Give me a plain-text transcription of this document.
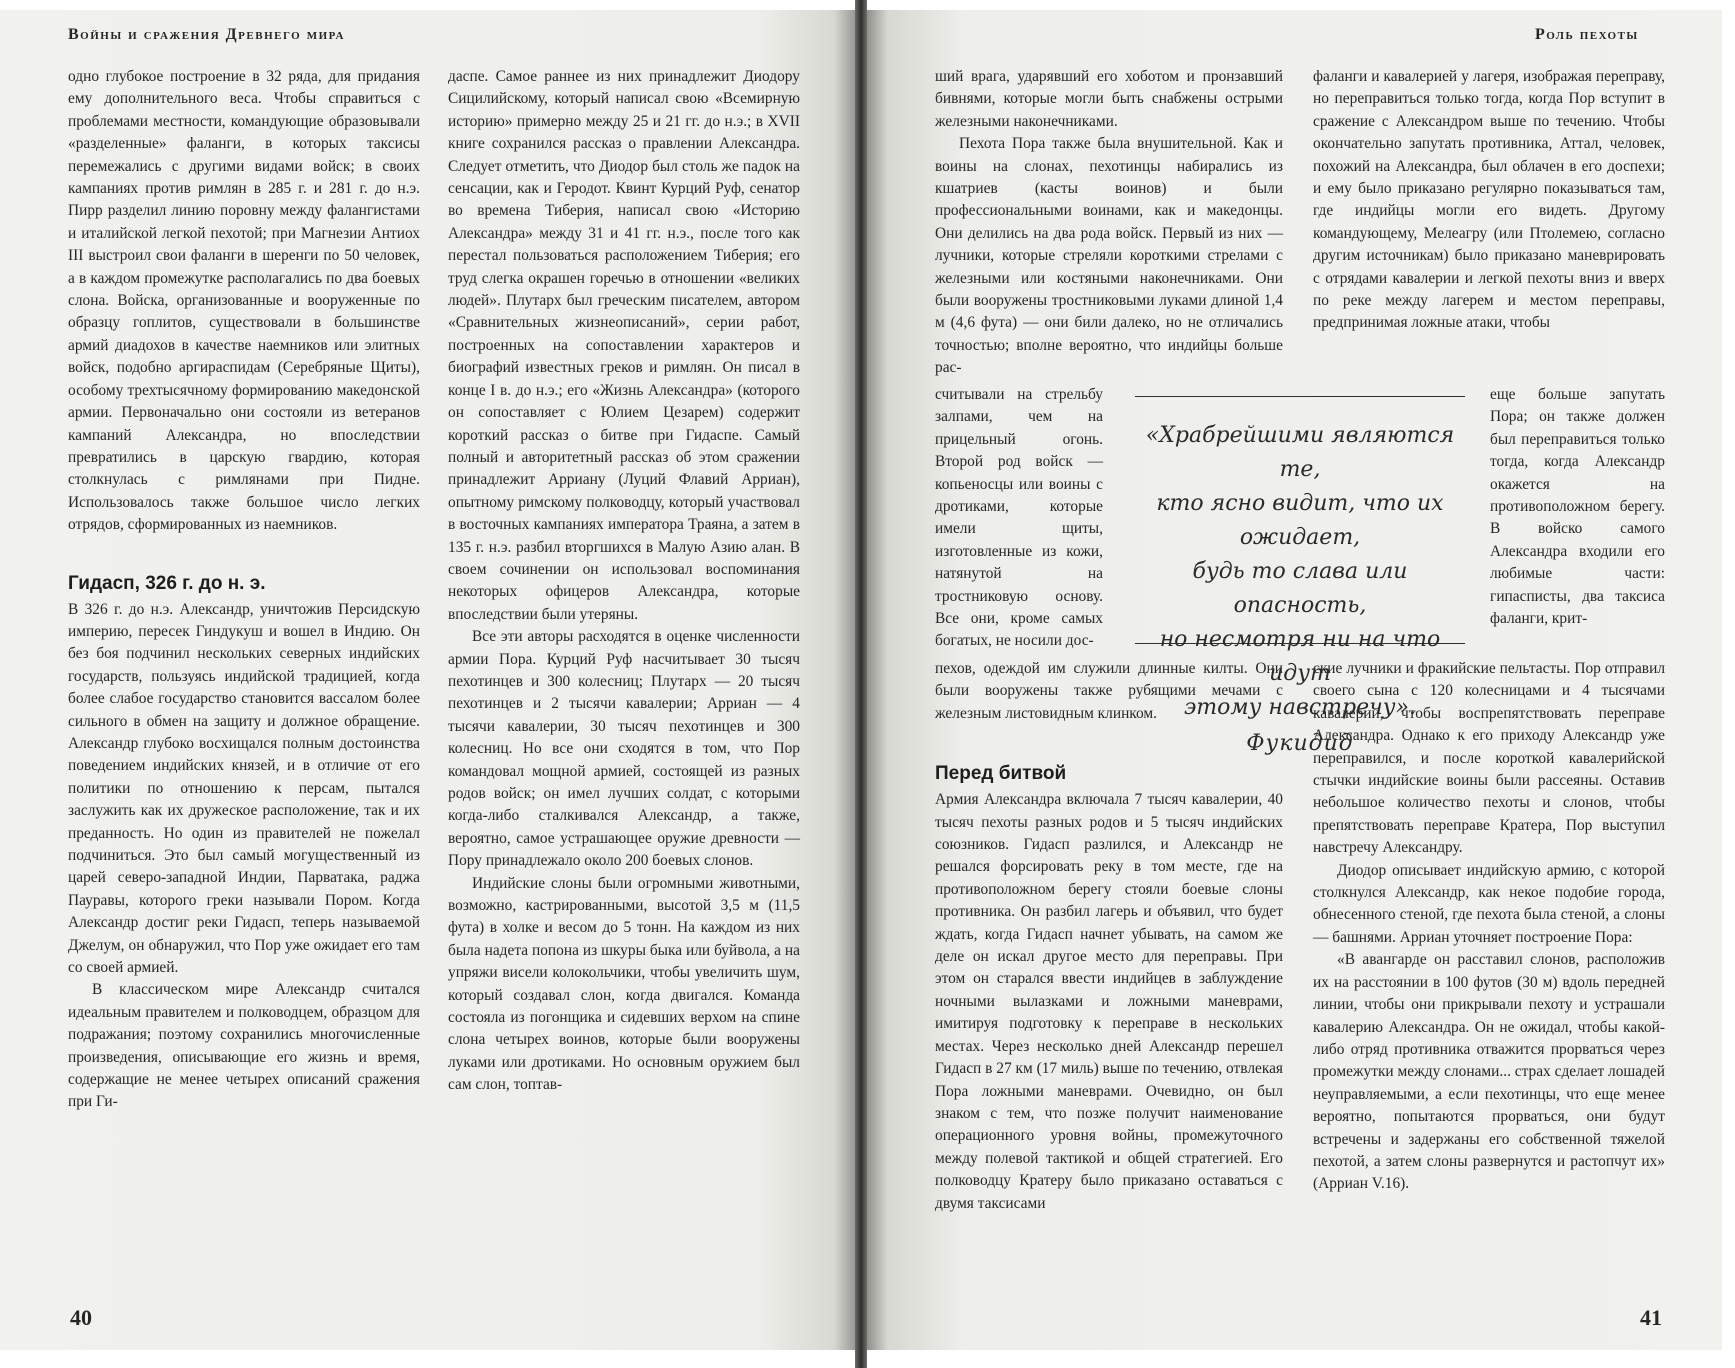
Войны и сражения Древнего мира

одно глубокое построение в 32 ряда, для придания ему дополнительного веса. Чтобы справиться с проблемами местности, командующие образовывали «разделенные» фаланги, в которых таксисы перемежались с другими видами войск; в своих кампаниях против римлян в 285 г. и 281 г. до н.э. Пирр разделил линию поровну между фалангистами и италийской легкой пехотой; при Магнезии Антиох III выстроил свои фаланги в шеренги по 50 человек, а в каждом промежутке располагались по два боевых слона. Войска, организованные и вооруженные по образцу гоплитов, существовали в большинстве армий диадохов в качестве наемников или элитных войск, подобно аргираспидам (Серебряные Щиты), особому трехтысячному формированию македонской армии. Первоначально они состояли из ветеранов кампаний Александра, но впоследствии превратились в царскую гвардию, которая столкнулась с римлянами при Пидне. Использовалось также большое число легких отрядов, сформированных из наемников.

Гидасп, 326 г. до н. э.

В 326 г. до н.э. Александр, уничтожив Персидскую империю, пересек Гиндукуш и вошел в Индию. Он без боя подчинил нескольких северных индийских государств, пользуясь индийской традицией, когда более слабое государство становится вассалом более сильного в обмен на защиту и должное обращение. Александр глубоко восхищался полным достоинства поведением индийских князей, и в отличие от его политики по отношению к персам, пытался заслужить как их дружеское расположение, так и их преданность. Но один из правителей не пожелал подчиниться. Это был самый могущественный из царей северо-западной Индии, Парватака, раджа Пауравы, которого греки называли Пором. Когда Александр достиг реки Гидасп, теперь называемой Джелум, он обнаружил, что Пор уже ожидает его там со своей армией.

В классическом мире Александр считался идеальным правителем и полководцем, образцом для подражания; поэтому сохранились многочисленные произведения, описывающие его жизнь и время, содержащие не менее четырех описаний сражения при Ги-

даспе. Самое раннее из них принадлежит Диодору Сицилийскому, который написал свою «Всемирную историю» примерно между 25 и 21 гг. до н.э.; в XVII книге сохранился рассказ о правлении Александра. Следует отметить, что Диодор был столь же падок на сенсации, как и Геродот. Квинт Курций Руф, сенатор во времена Тиберия, написал свою «Историю Александра» между 31 и 41 гг. н.э., после того как перестал пользоваться расположением Тиберия; его труд слегка окрашен горечью в отношении «великих людей». Плутарх был греческим писателем, автором «Сравнительных жизнеописаний», серии работ, построенных на сопоставлении характеров и биографий известных греков и римлян. Он писал в конце I в. до н.э.; его «Жизнь Александра» (которого он сопоставляет с Юлием Цезарем) содержит короткий рассказ о битве при Гидаспе. Самый полный и авторитетный рассказ об этом сражении принадлежит Арриану (Луций Флавий Арриан), опытному римскому полководцу, который участвовал в восточных кампаниях императора Траяна, а затем в 135 г. н.э. разбил вторгшихся в Малую Азию алан. В своем сочинении он использовал воспоминания некоторых офицеров Александра, которые впоследствии были утеряны.

Все эти авторы расходятся в оценке численности армии Пора. Курций Руф насчитывает 30 тысяч пехотинцев и 300 колесниц; Плутарх — 20 тысяч пехотинцев и 2 тысячи кавалерии; Арриан — 4 тысячи кавалерии, 30 тысяч пехотинцев и 300 колесниц. Но все они сходятся в том, что Пор командовал мощной армией, состоящей из разных родов войск; он имел лучших солдат, с которыми когда-либо сталкивался Александр, а также, вероятно, самое устрашающее оружие древности — Пору принадлежало около 200 боевых слонов.

Индийские слоны были огромными животными, возможно, кастрированными, высотой 3,5 м (11,5 фута) в холке и весом до 5 тонн. На каждом из них была надета попона из шкуры быка или буйвола, а на упряжи висели колокольчики, чтобы увеличить шум, который создавал слон, когда двигался. Команда состояла из погонщика и сидевших верхом на спине слона четырех воинов, которые были вооружены луками или дротиками. Но основным оружием был сам слон, топтав-

40
Роль пехоты

ший врага, ударявший его хоботом и пронзавший бивнями, которые могли быть снабжены острыми железными наконечниками.

Пехота Пора также была внушительной. Как и воины на слонах, пехотинцы набирались из кшатриев (касты воинов) и были профессиональными воинами, как и македонцы. Они делились на два рода войск. Первый из них — лучники, которые стреляли короткими стрелами с железными или костяными наконечниками. Они были вооружены тростниковыми луками длиной 1,4 м (4,6 фута) — они били далеко, но не отличались точностью; вполне вероятно, что индийцы больше рас-

считывали на стрельбу залпами, чем на прицельный огонь. Второй род войск — копьеносцы или воины с дротиками, которые имели щиты, изготовленные из кожи, натянутой на тростниковую основу. Все они, кроме самых богатых, не носили дос-

пехов, одеждой им служили длинные килты. Они были вооружены также рубящими мечами с железным листовидным клинком.

Перед битвой

Армия Александра включала 7 тысяч кавалерии, 40 тысяч пехоты разных родов и 5 тысяч индийских союзников. Гидасп разлился, и Александр не решался форсировать реку в том месте, где на противоположном берегу стояли боевые слоны противника. Он разбил лагерь и объявил, что будет ждать, когда Гидасп начнет убывать, на самом же деле он искал другое место для переправы. При этом он старался ввести индийцев в заблуждение ночными вылазками и ложными маневрами, имитируя подготовку к переправе в нескольких местах. Через несколько дней Александр перешел Гидасп в 27 км (17 миль) выше по течению, отвлекая Пора ложными маневрами. Очевидно, он был знаком с тем, что позже получит наименование операционного уровня войны, промежуточного между полевой тактикой и общей стратегией. Его полководцу Кратеру было приказано оставаться с двумя таксисами

фаланги и кавалерией у лагеря, изображая переправу, но переправиться только тогда, когда Пор вступит в сражение с Александром выше по течению. Чтобы окончательно запутать противника, Аттал, человек, похожий на Александра, был облачен в его доспехи; и ему было приказано регулярно показываться там, где индийцы могли его видеть. Другому командующему, Мелеагру (или Птолемею, согласно другим источникам) было приказано маневрировать с отрядами кавалерии и легкой пехоты вниз и вверх по реке между лагерем и местом переправы, предпринимая ложные атаки, чтобы

еще больше запутать Пора; он также должен был переправиться только тогда, когда Александр окажется на противоположном берегу. В войско самого Александра входили его любимые части: гипасписты, два таксиса фаланги, крит-

ские лучники и фракийские пельтасты. Пор отправил своего сына с 120 колесницами и 4 тысячами кавалерии, чтобы воспрепятствовать переправе Александра. Однако к его приходу Александр уже переправился, и после короткой кавалерийской стычки индийские воины были рассеяны. Оставив небольшое количество пехоты и слонов, чтобы препятствовать переправе Кратера, Пор выступил навстречу Александру.

Диодор описывает индийскую армию, с которой столкнулся Александр, как некое подобие города, обнесенного стеной, где пехота была стеной, а слоны — башнями. Арриан уточняет построение Пора:

«В авангарде он расставил слонов, расположив их на расстоянии в 100 футов (30 м) вдоль передней линии, чтобы они прикрывали пехоту и устрашали кавалерию Александра. Он не ожидал, чтобы какой-либо отряд противника отважится прорваться через промежутки между слонами... страх сделает лошадей неуправляемыми, а если пехотинцы, что еще менее вероятно, попытаются прорваться, они будут встречены и задержаны его собственной тяжелой пехотой, а затем слоны развернутся и растопчут их» (Арриан V.16).

«Храбрейшими являются те,
кто ясно видит, что их ожидает,
будь то слава или опасность,
но несмотря ни на что идут
этому навстречу».
Фукидид
41
